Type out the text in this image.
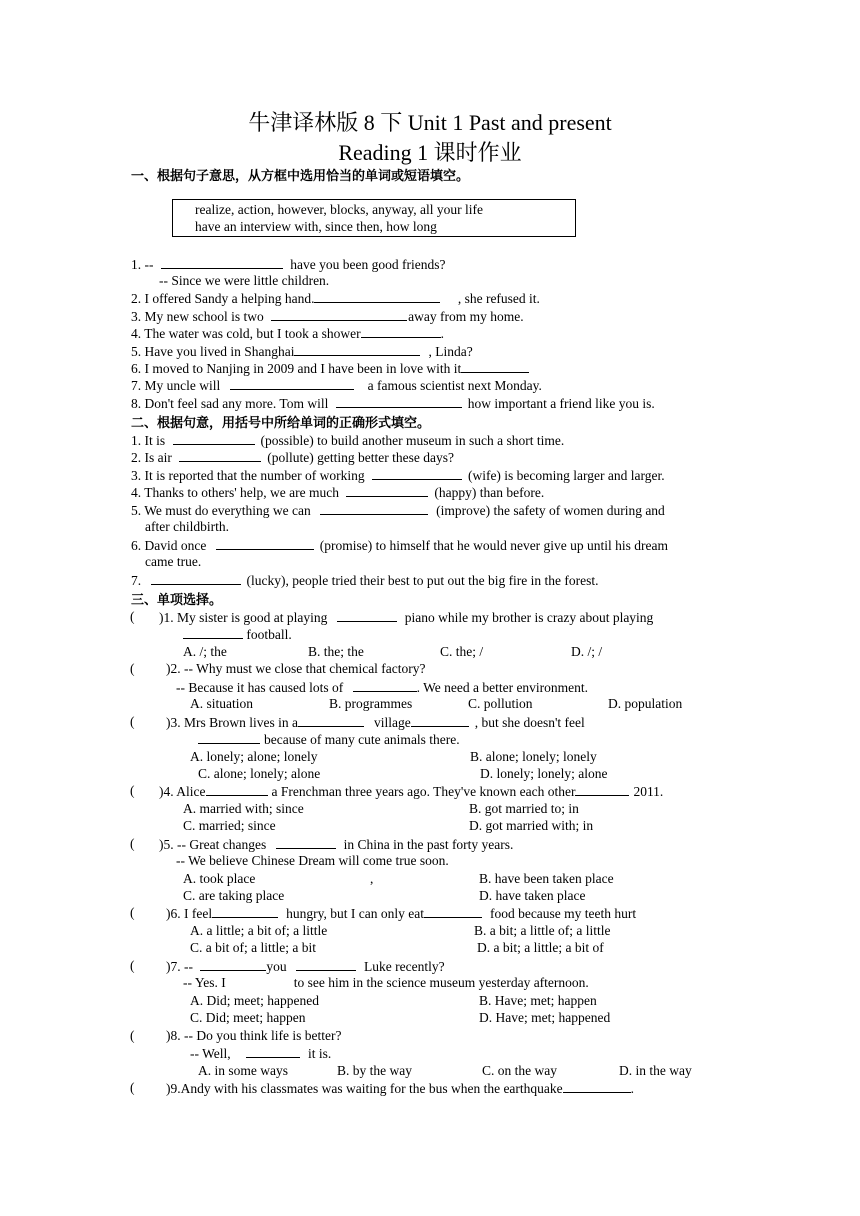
牛津译林版 8 下 Unit 1 Past and present
Reading 1 课时作业
一、根据句子意思，从方框中选用恰当的单词或短语填空。
realize, action, however, blocks, anyway, all your life
have an interview with, since then, how long
1. --	have you been good friends?
-- Since we were little children.
2. I offered Sandy a helping hand.	, she refused it.
3. My new school is two	away from my home.
4. The water was cold, but I took a shower	.
5. Have you lived in Shanghai	, Linda?
6. I moved to Nanjing in 2009 and I have been in love with it
7. My uncle will	a famous scientist next Monday.
8. Don't feel sad any more. Tom will	how important a friend like you is.
二、根据句意，用括号中所给单词的正确形式填空。
1. It is	(possible) to build another museum in such a short time.
2. Is air	(pollute) getting better these days?
3. It is reported that the number of working	(wife) is becoming larger and larger.
4. Thanks to others' help, we are much	(happy) than before.
5. We must do everything we can	(improve) the safety of women during and
after childbirth.
6. David once	(promise) to himself that he would never give up until his dream
came true.
7.	(lucky), people tried their best to put out the big fire in the forest.
三、单项选择。
( )1. My sister is good at playing	piano while my brother is crazy about playing
football.
A. /; the	B. the; the	C. the; /	D. /; /
( )2. -- Why must we close that chemical factory?
-- Because it has caused lots of	. We need a better environment.
A. situation	B. programmes	C. pollution	D. population
( )3. Mrs Brown lives in a	village	, but she doesn't feel
because of many cute animals there.
A. lonely; alone; lonely	B. alone; lonely; lonely
C. alone; lonely; alone	D. lonely; lonely; alone
( )4. Alice	a Frenchman three years ago. They've known each other	2011.
A. married with; since	B. got married to; in
C. married; since	D. got married with; in
( )5. -- Great changes	in China in the past forty years.
-- We believe Chinese Dream will come true soon.
A. took place	,	B. have been taken place
C. are taking place	D. have taken place
( )6. I feel	hungry, but I can only eat	food because my teeth hurt
A. a little; a bit of; a little	B. a bit; a little of; a little
C. a bit of; a little; a bit	D. a bit; a little; a bit of
( )7. --	you	Luke recently?
-- Yes. I	to see him in the science museum yesterday afternoon.
A. Did; meet; happened	B. Have; met; happen
C. Did; meet; happen	D. Have; met; happened
( )8. -- Do you think life is better?
-- Well,	it is.
A. in some ways	B. by the way	C. on the way	D. in the way
( )9.Andy with his classmates was waiting for the bus when the earthquake	.
